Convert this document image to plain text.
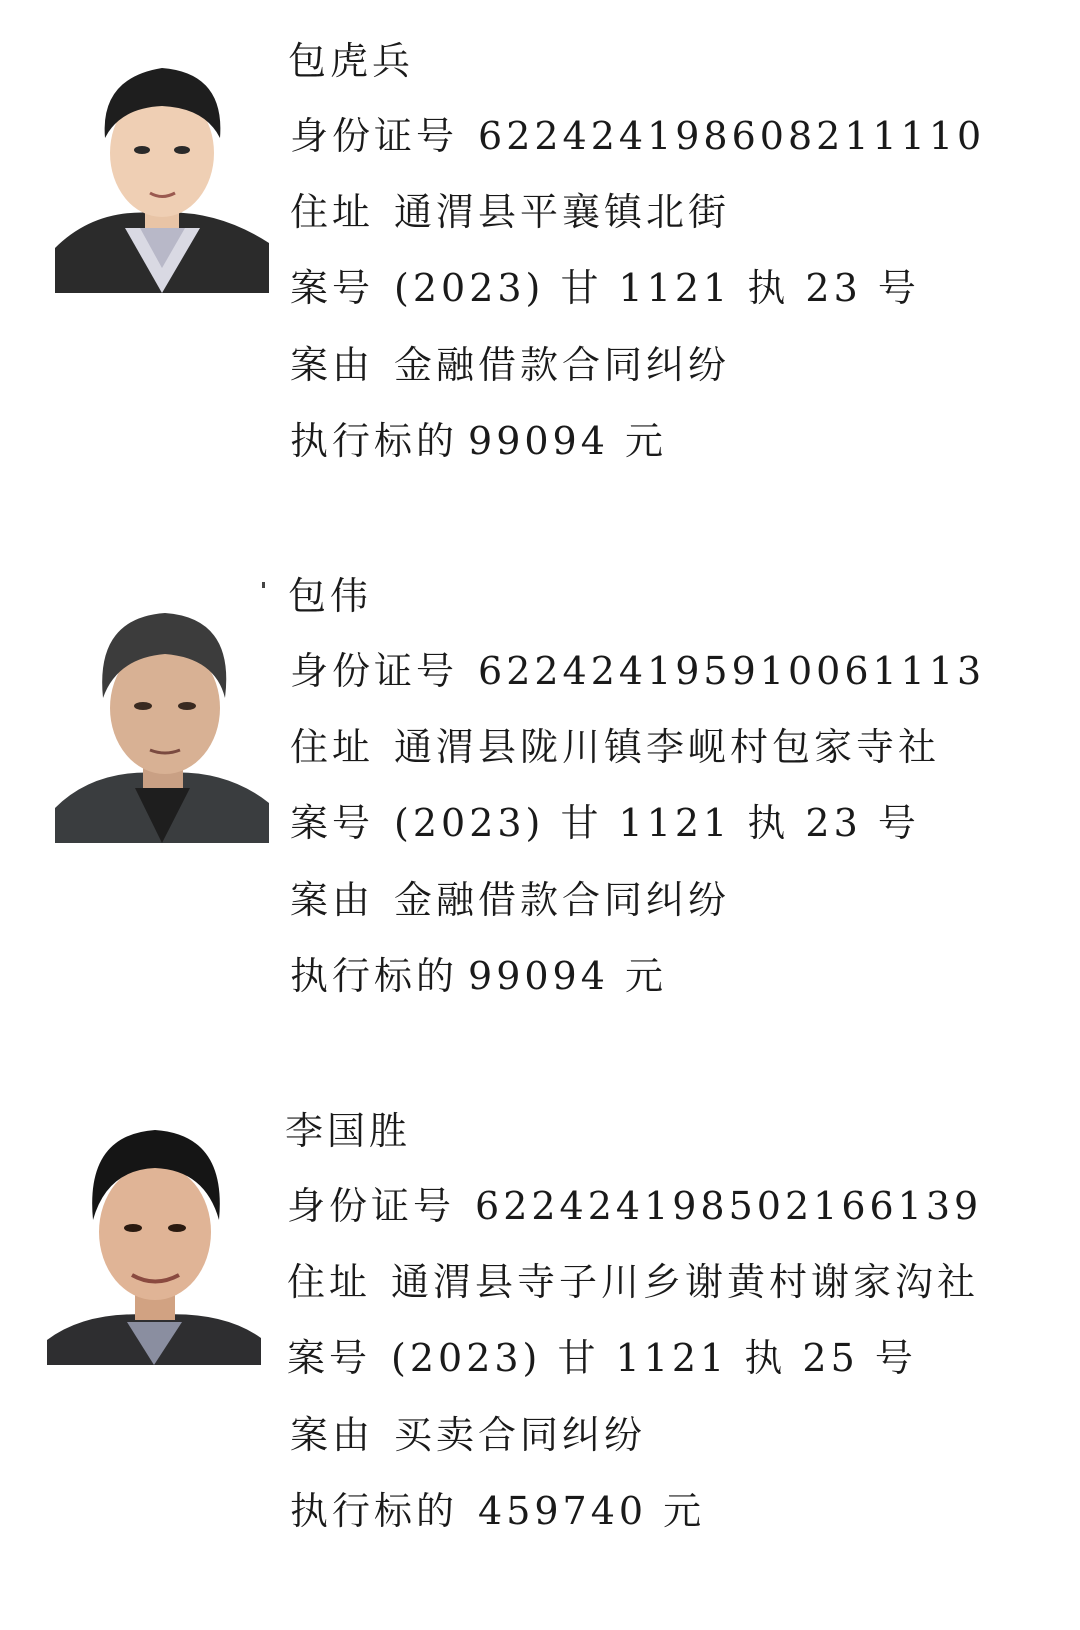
包虎兵
身份证号 622424198608211110
住址 通渭县平襄镇北街
案号 (2023) 甘 1121 执 23 号
案由 金融借款合同纠纷
执行标的 99094 元
包伟
身份证号 622424195910061113
住址 通渭县陇川镇李岘村包家寺社
案号 (2023) 甘 1121 执 23 号
案由 金融借款合同纠纷
执行标的 99094 元
李国胜
身份证号 622424198502166139
住址 通渭县寺子川乡谢黄村谢家沟社
案号 (2023) 甘 1121 执 25 号
案由 买卖合同纠纷
执行标的 459740 元
